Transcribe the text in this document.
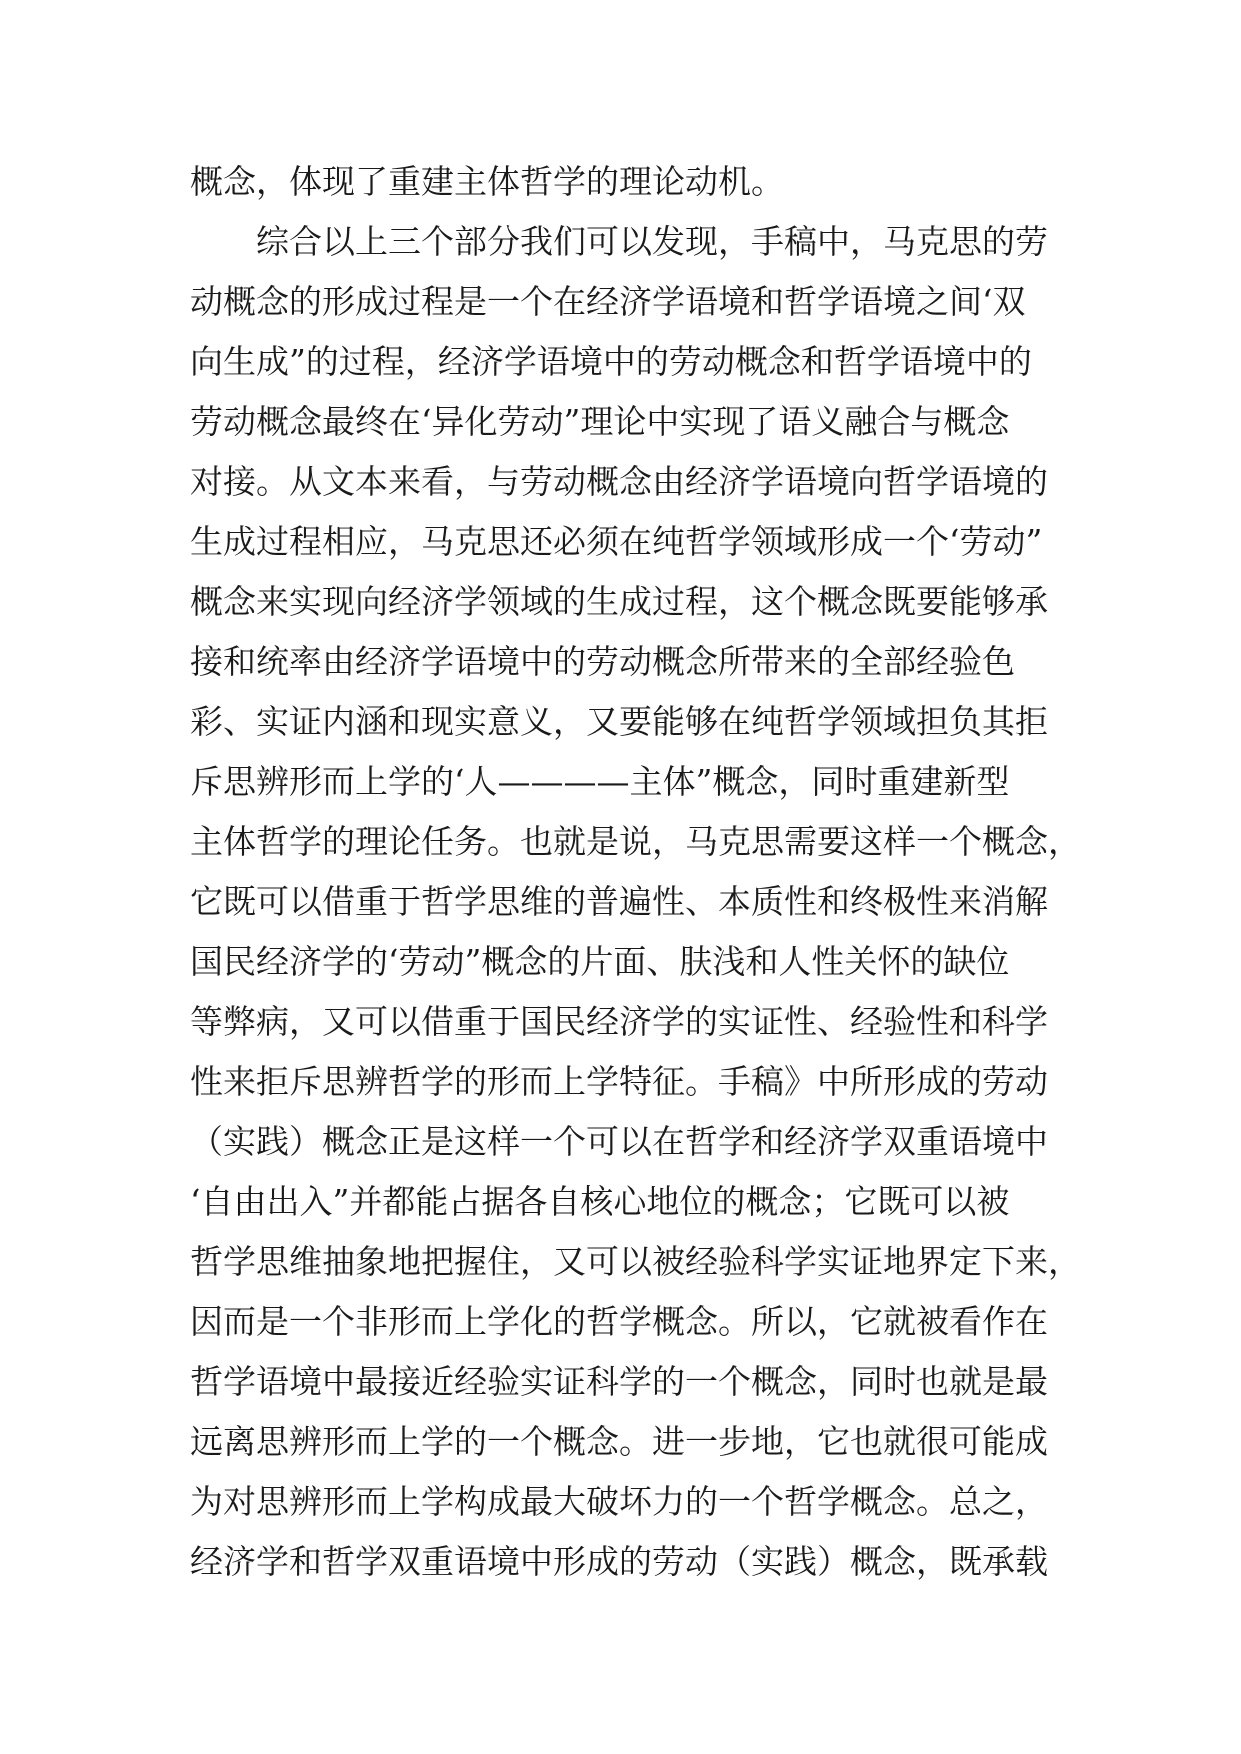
概念，体现了重建主体哲学的理论动机。
　　综合以上三个部分我们可以发现，手稿中，马克思的劳
动概念的形成过程是一个在经济学语境和哲学语境之间‘双
向生成”的过程，经济学语境中的劳动概念和哲学语境中的
劳动概念最终在‘异化劳动”理论中实现了语义融合与概念
对接。从文本来看，与劳动概念由经济学语境向哲学语境的
生成过程相应，马克思还必须在纯哲学领域形成一个‘劳动”
概念来实现向经济学领域的生成过程，这个概念既要能够承
接和统率由经济学语境中的劳动概念所带来的全部经验色
彩、实证内涵和现实意义，又要能够在纯哲学领域担负其拒
斥思辨形而上学的‘人————主体”概念，同时重建新型
主体哲学的理论任务。也就是说，马克思需要这样一个概念，
它既可以借重于哲学思维的普遍性、本质性和终极性来消解
国民经济学的‘劳动”概念的片面、肤浅和人性关怀的缺位
等弊病，又可以借重于国民经济学的实证性、经验性和科学
性来拒斥思辨哲学的形而上学特征。手稿》中所形成的劳动
（实践）概念正是这样一个可以在哲学和经济学双重语境中
‘自由出入”并都能占据各自核心地位的概念；它既可以被
哲学思维抽象地把握住，又可以被经验科学实证地界定下来，
因而是一个非形而上学化的哲学概念。所以，它就被看作在
哲学语境中最接近经验实证科学的一个概念，同时也就是最
远离思辨形而上学的一个概念。进一步地，它也就很可能成
为对思辨形而上学构成最大破坏力的一个哲学概念。总之，
经济学和哲学双重语境中形成的劳动（实践）概念，既承载
